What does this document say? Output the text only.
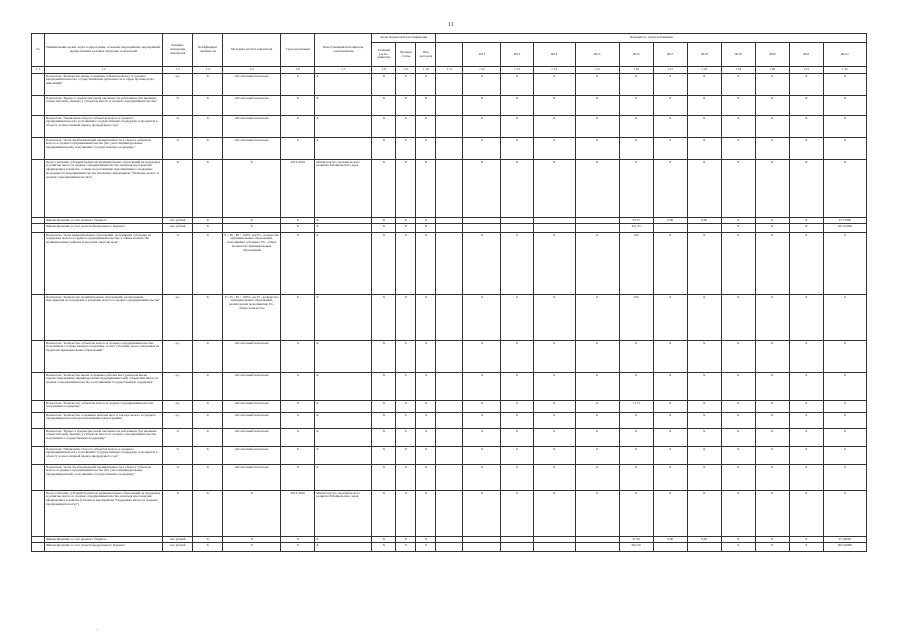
11
№	Наименование целей, задач, подпрограмм, основных мероприятий, мероприятий, ведомственных целевых программ, показателей	Единица измерения показателя	Коэффициент значимости	Методика расчета показателя	Срок реализации	Ответственный исполнитель, соисполнитель	Коды бюджетной классификации			Значения по годам реализации											
							Главный распо-рядитель	Целевая статья	Вид расходов		2013	2013	2014	2015	2016	2017	2018	2019	2020	2021	Итого
1.1	1.2	1.3	1.4	1.5	1.6	1.7	1.8	1.9	1.10	1.11	1.12	1.13	1.14	1.15	1.16	1.17	1.18	1.19	1.20	1.21	1.22
	Показатель "Количество вновь созданных субъектов малого и среднего предпринимательства, осуществляющих деятельность в сфере производства, инноваций"	ед.	X	Абсолютный показатель	X	X	X	X	X		X	X	X	X	X	X	X	X	X	X	X
	Показатель "Прирост среднесписочной численности работников (без внешних совместителей), занятых у субъектов малого и среднего предпринимательства"	%	X	Абсолютный показатель	X	X	X	X	X		X	X	X	X	X	X	X	X	X	X	X
	Показатель "Увеличение оборота субъектов малого и среднего предпринимательства, получивших государственную поддержку, в процентах к обороту за аналогичный период предыдущего года"	%	X	Абсолютный показатель	X	X	X	X	X		X	X	X	X	X	X	X	X	X	X	X
	Показатель "Доля обрабатывающей промышленности в обороте субъектов малого и среднего предпринимательства (без учета индивидуальных предпринимателей), получивших государственную поддержку"	%	X	Абсолютный показатель	X	X	X	X	X		X	X	X	X	X	X	X	X	X	X	X
	Предоставление субсидий бюджетам муниципальных образований на поддержку и развитие малого и среднего предпринимательства, включая крестьянские (фермерские) хозяйства, а также на реализацию мероприятий по поддержке молодежного предпринимательства (Основное мероприятие "Развитие малого и среднего предпринимательства")	X	X	X	2014-2016	Министерство экономического развития Забайкальского края	X	X	X		X	X	X	X	X	X	X	X	X	X	X
	Финансирование за счет краевого бюджета	тыс.рублей	X	X	X	X	X	X	X						23,75	0,00	0,00	X	X	X	23,75000
	Финансирование за счет средств федерального бюджета	тыс.рублей	X	X	X	X	X	X	X						421,25			X	X	X	421,25000
	Показатель "Доля муниципальных образований, получивших субсидию на поддержку малого и среднего предпринимательства, в общем количестве муниципальных районов (городских округов) края"	%	X	P = Pn / P0 × 100%, где Pn - количество муниципальных образований, получивших субсидию, P0 - общее количество муниципальных образований	X	X	X	X	X		X	X	X	X	100	X	X	X	X	X	X
	Показатель "Количество муниципальных образований, реализующих мероприятия по поддержке и развитию малого и среднего предпринимательства"	ед.	X	P = Pr / Pn × 100%, где Pr - количество муниципальных образований, реализующих мероприятия, Pn - общее количество	X	X	X	X	X		X	X	X	X	100	X	X	X	X	X	X
	Показатель "Количество субъектов малого и среднего предпринимательства, получивших государственную поддержку за счет субсидий, предоставленных из бюджетов муниципальных образований"	ед.	X	Абсолютный показатель	X	X	X	X	X		X	X	X	X	X	X	X	X	X	X	X
	Показатель "Количество вновь созданных рабочих мест (включая вновь зарегистрированных индивидуальных предпринимателей) субъектами малого и среднего предпринимательства, получившими государственную поддержку"	ед.	X	Абсолютный показатель	X	X	X	X	X		X	X	X	X	X	X	X	X	X	X	X
	Показатель "Количество субъектов малого и среднего предпринимательства, получивших поддержку"	ед.	X	Абсолютный показатель	X	X	X	X	X		X	X	X	X	1 173	X	X	X	X	X	X
	Показатель "Количество созданных рабочих мест в секторе малого и среднего предпринимательства при реализации подпрограммы"	ед.	X	Абсолютный показатель	X	X	X	X	X		X	X	X	X	X	X	X	X	X	X	X
	Показатель "Прирост среднесписочной численности работников (без внешних совместителей), занятых у субъектов малого и среднего предпринимательства, получивших государственную поддержку"	%	X	Абсолютный показатель	X	X	X	X	X		X	X	X	X	X	X	X	X	X	X	X
	Показатель "Увеличение оборота субъектов малого и среднего предпринимательства, получивших государственную поддержку, в процентах к обороту за аналогичный период предыдущего года"	%	X	Абсолютный показатель	X	X	X	X	X		X	X	X	X	X	X	X	X	X	X	X
	Показатель "Доля обрабатывающей промышленности в обороте субъектов малого и среднего предпринимательства (без учета индивидуальных предпринимателей), получивших государственную поддержку"	%	X	Абсолютный показатель	X	X	X	X	X		X	X	X	X	X	X	X	X	X	X	X
	Предоставление субсидий бюджетам муниципальных образований на поддержку и развитие малого и среднего предпринимательства, включая крестьянские (фермерские) хозяйства (Основное мероприятие "Поддержка малого и среднего предпринимательства")	X	X	X	2014-2016	Министерство экономического развития Забайкальского края	X	X	X		X	X	X	X	X	X	X	X	X	X	X
	Финансирование за счет краевого бюджета	тыс.рублей	X	X	X	X	X	X	X						47,50	0,00	0,00	X	X	X	47,50000
	Финансирование за счет средств федерального бюджета	тыс.рублей	X	X	X	X	X	X	X						902,50			X	X	X	902,50000
,
